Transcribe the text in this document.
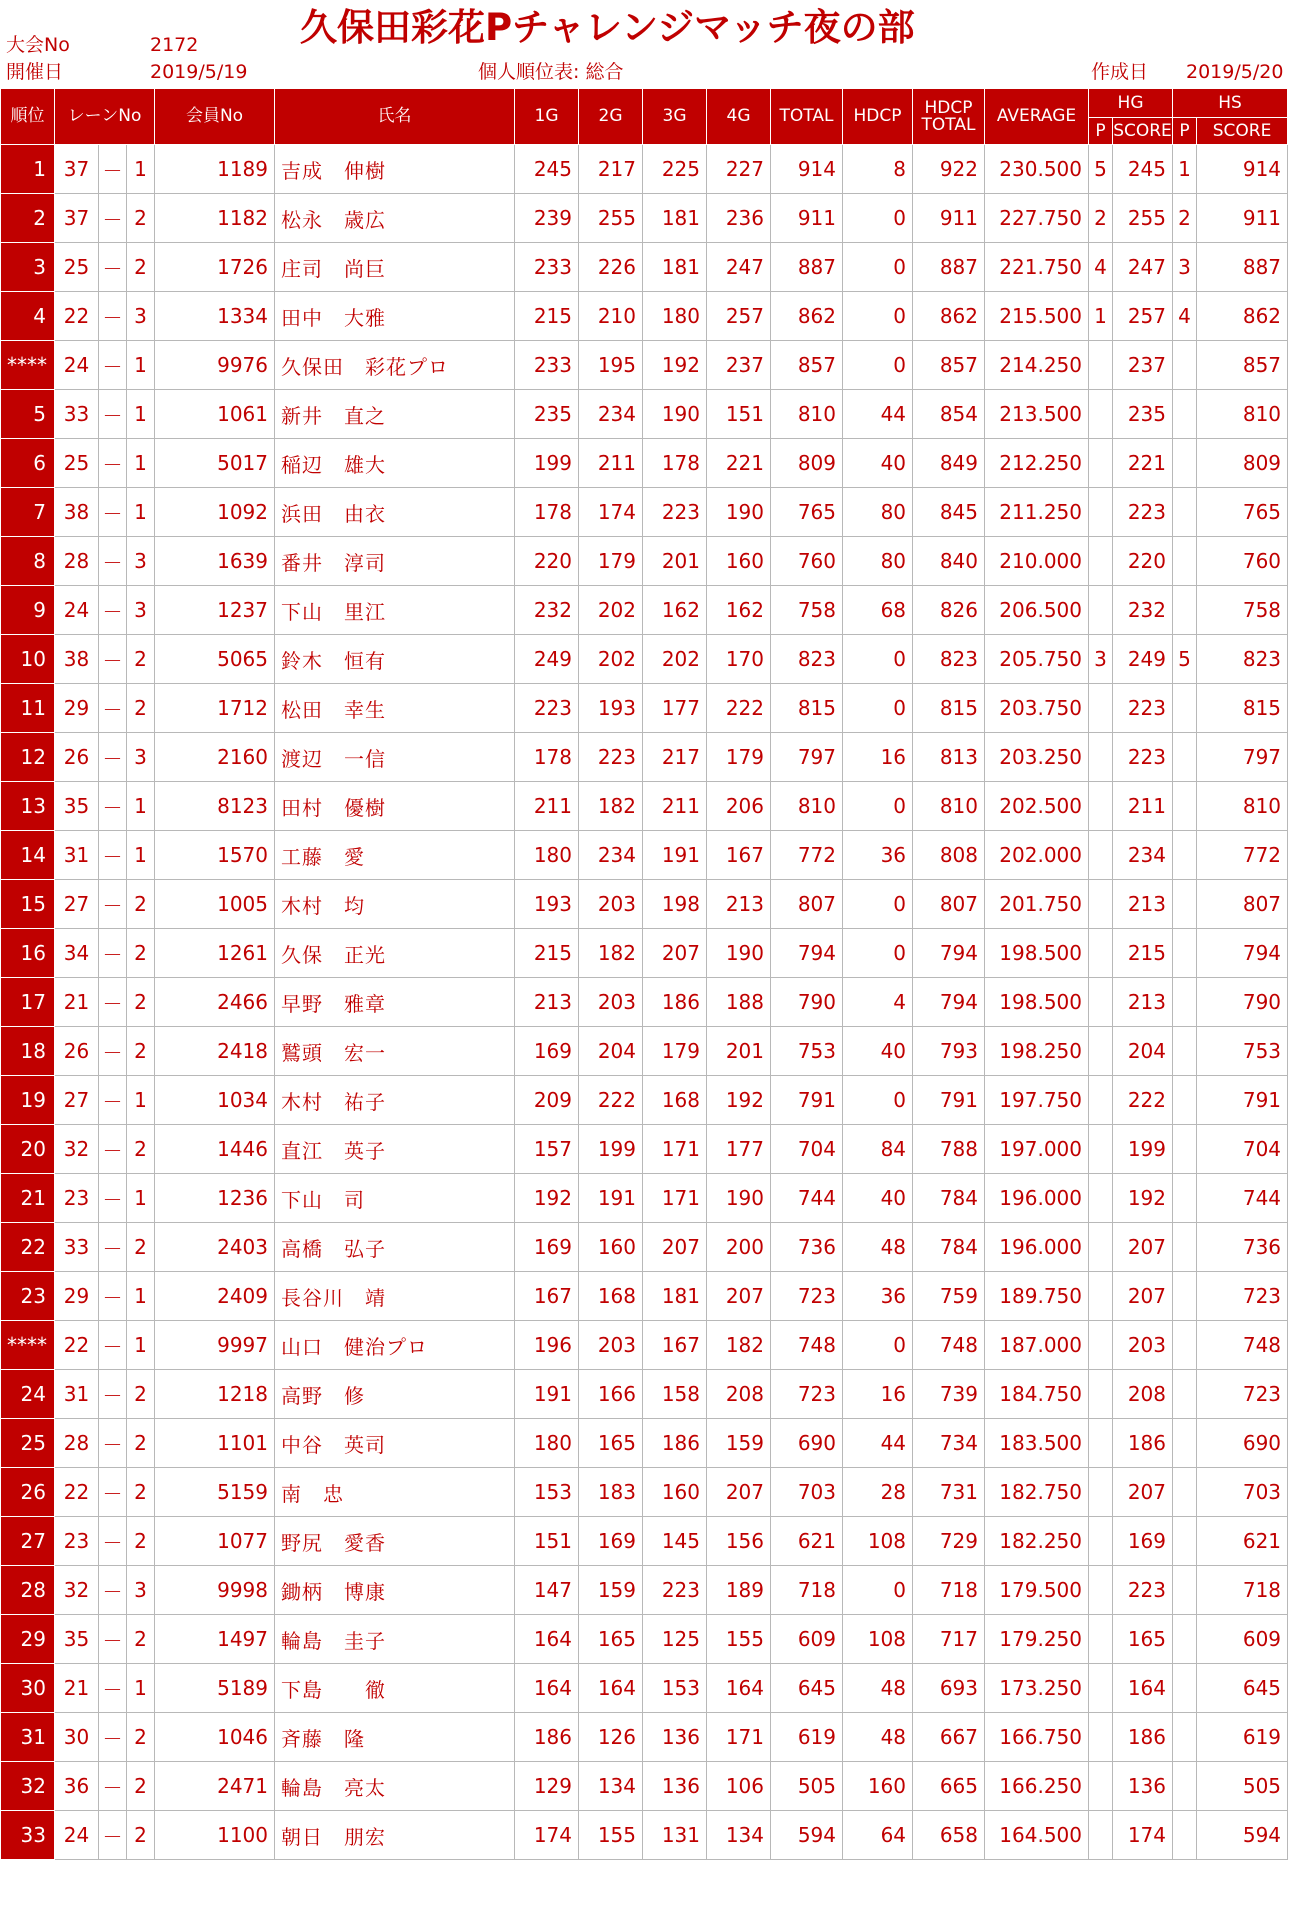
久保田彩花Pチャレンジマッチ夜の部
大会No	2172
開催日	2019/5/19	個人順位表: 総合	作成日 2019/5/20
順位	レーンNo			会員No	氏名	1G	2G	3G	4G	TOTAL	HDCP	HDCP
TOTAL	AVERAGE	HG		HS	
														P	SCORE	P	SCORE
1	37	－	1	1189	吉成　伸樹	245	217	225	227	914	8	922	230.500	5	245	1	914
2	37	－	2	1182	松永　歳広	239	255	181	236	911	0	911	227.750	2	255	2	911
3	25	－	2	1726	庄司　尚巨	233	226	181	247	887	0	887	221.750	4	247	3	887
4	22	－	3	1334	田中　大雅	215	210	180	257	862	0	862	215.500	1	257	4	862
****	24	－	1	9976	久保田　彩花プロ	233	195	192	237	857	0	857	214.250		237		857
5	33	－	1	1061	新井　直之	235	234	190	151	810	44	854	213.500		235		810
6	25	－	1	5017	稲辺　雄大	199	211	178	221	809	40	849	212.250		221		809
7	38	－	1	1092	浜田　由衣	178	174	223	190	765	80	845	211.250		223		765
8	28	－	3	1639	番井　淳司	220	179	201	160	760	80	840	210.000		220		760
9	24	－	3	1237	下山　里江	232	202	162	162	758	68	826	206.500		232		758
10	38	－	2	5065	鈴木　恒有	249	202	202	170	823	0	823	205.750	3	249	5	823
11	29	－	2	1712	松田　幸生	223	193	177	222	815	0	815	203.750		223		815
12	26	－	3	2160	渡辺　一信	178	223	217	179	797	16	813	203.250		223		797
13	35	－	1	8123	田村　優樹	211	182	211	206	810	0	810	202.500		211		810
14	31	－	1	1570	工藤　愛	180	234	191	167	772	36	808	202.000		234		772
15	27	－	2	1005	木村　均	193	203	198	213	807	0	807	201.750		213		807
16	34	－	2	1261	久保　正光	215	182	207	190	794	0	794	198.500		215		794
17	21	－	2	2466	早野　雅章	213	203	186	188	790	4	794	198.500		213		790
18	26	－	2	2418	鷲頭　宏一	169	204	179	201	753	40	793	198.250		204		753
19	27	－	1	1034	木村　祐子	209	222	168	192	791	0	791	197.750		222		791
20	32	－	2	1446	直江　英子	157	199	171	177	704	84	788	197.000		199		704
21	23	－	1	1236	下山　司	192	191	171	190	744	40	784	196.000		192		744
22	33	－	2	2403	高橋　弘子	169	160	207	200	736	48	784	196.000		207		736
23	29	－	1	2409	長谷川　靖	167	168	181	207	723	36	759	189.750		207		723
****	22	－	1	9997	山口　健治プロ	196	203	167	182	748	0	748	187.000		203		748
24	31	－	2	1218	高野　修	191	166	158	208	723	16	739	184.750		208		723
25	28	－	2	1101	中谷　英司	180	165	186	159	690	44	734	183.500		186		690
26	22	－	2	5159	南　忠	153	183	160	207	703	28	731	182.750		207		703
27	23	－	2	1077	野尻　愛香	151	169	145	156	621	108	729	182.250		169		621
28	32	－	3	9998	鋤柄　博康	147	159	223	189	718	0	718	179.500		223		718
29	35	－	2	1497	輪島　圭子	164	165	125	155	609	108	717	179.250		165		609
30	21	－	1	5189	下島　　徹	164	164	153	164	645	48	693	173.250		164		645
31	30	－	2	1046	斉藤　隆	186	126	136	171	619	48	667	166.750		186		619
32	36	－	2	2471	輪島　亮太	129	134	136	106	505	160	665	166.250		136		505
33	24	－	2	1100	朝日　朋宏	174	155	131	134	594	64	658	164.500		174		594
